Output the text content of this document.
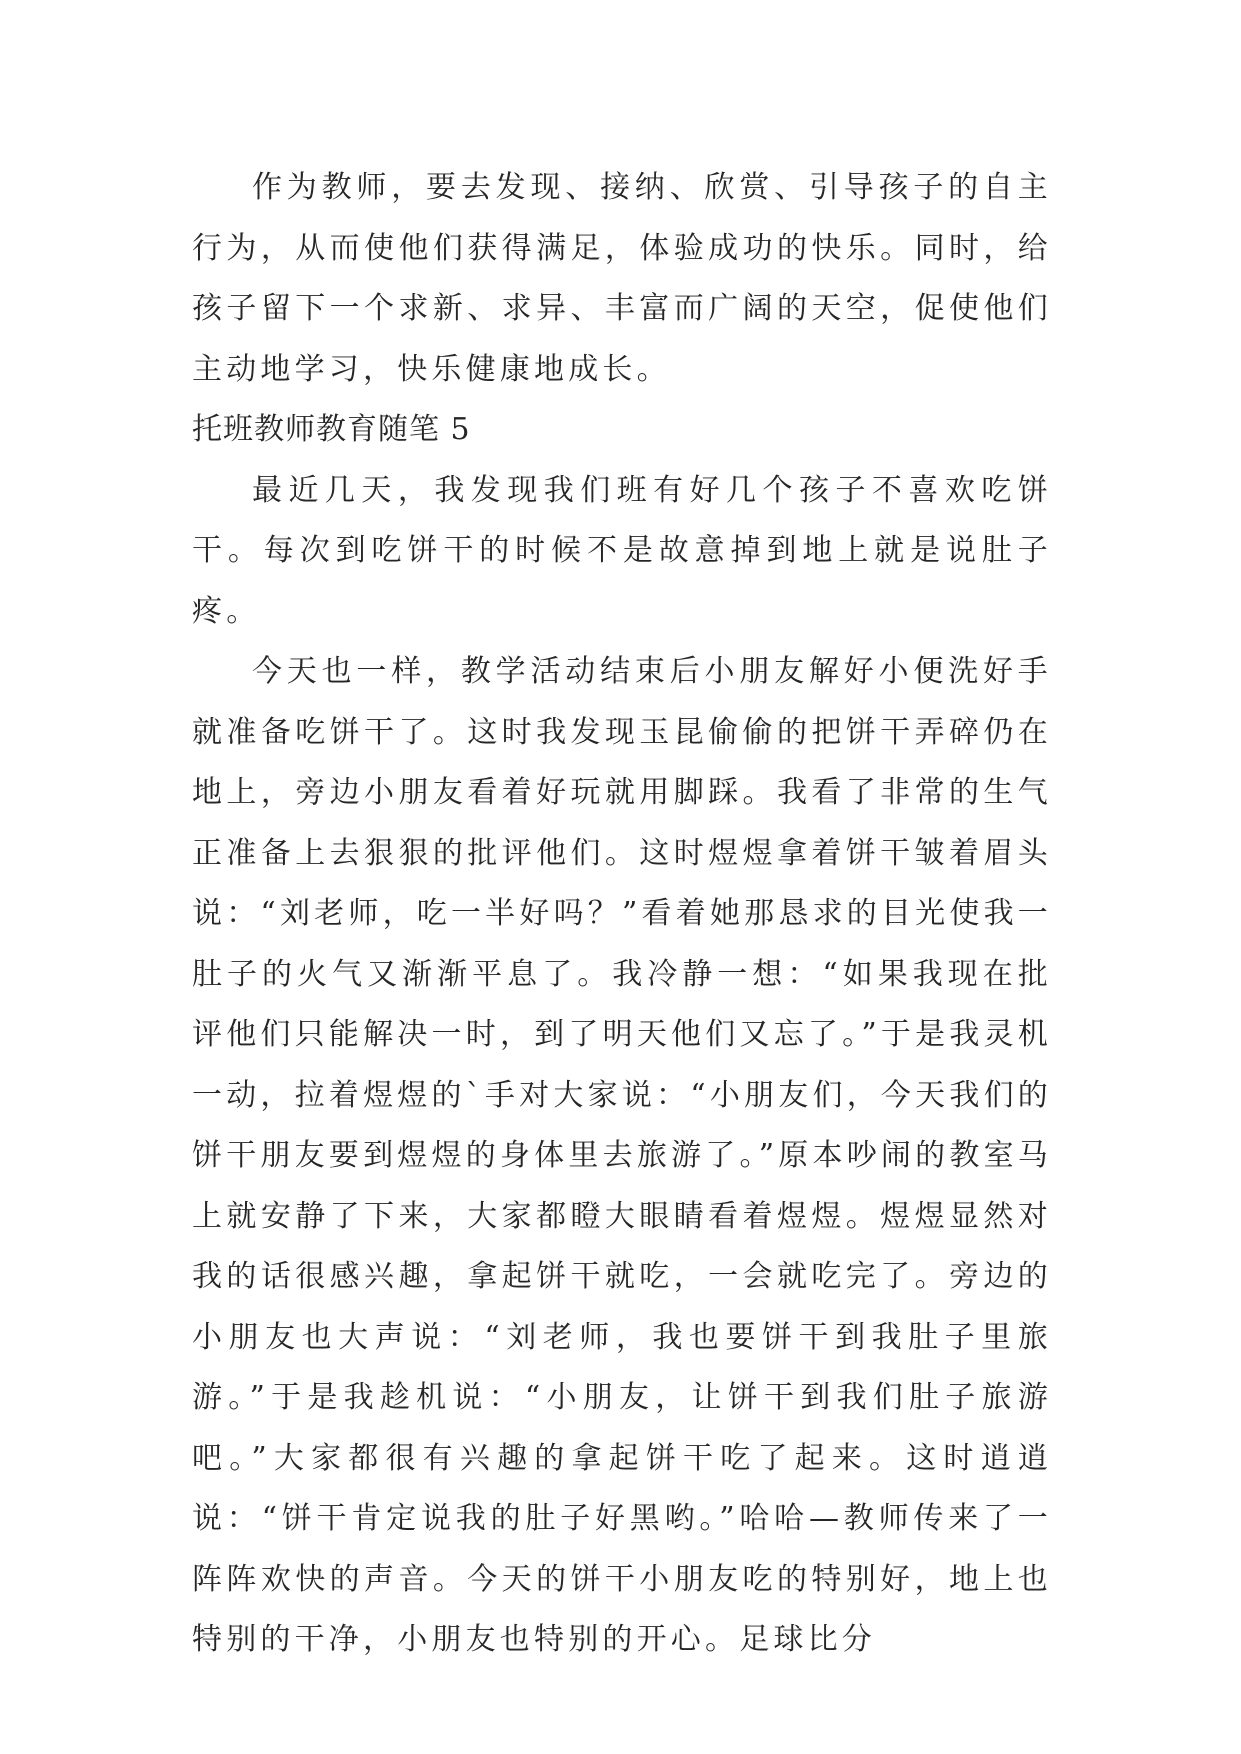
作为教师，要去发现、接纳、欣赏、引导孩子的自主行为，从而使他们获得满足，体验成功的快乐。同时，给孩子留下一个求新、求异、丰富而广阔的天空，促使他们主动地学习，快乐健康地成长。

托班教师教育随笔 5

最近几天，我发现我们班有好几个孩子不喜欢吃饼干。每次到吃饼干的时候不是故意掉到地上就是说肚子疼。

今天也一样，教学活动结束后小朋友解好小便洗好手就准备吃饼干了。这时我发现玉昆偷偷的把饼干弄碎仍在地上，旁边小朋友看着好玩就用脚踩。我看了非常的生气正准备上去狠狠的批评他们。这时煜煜拿着饼干皱着眉头说：“刘老师，吃一半好吗？”看着她那恳求的目光使我一肚子的火气又渐渐平息了。我冷静一想：“如果我现在批评他们只能解决一时，到了明天他们又忘了。”于是我灵机一动，拉着煜煜的`手对大家说：“小朋友们，今天我们的饼干朋友要到煜煜的身体里去旅游了。”原本吵闹的教室马上就安静了下来，大家都瞪大眼睛看着煜煜。煜煜显然对我的话很感兴趣，拿起饼干就吃，一会就吃完了。旁边的小朋友也大声说：“刘老师，我也要饼干到我肚子里旅游。”于是我趁机说：“小朋友，让饼干到我们肚子旅游吧。”大家都很有兴趣的拿起饼干吃了起来。这时逍逍说：“饼干肯定说我的肚子好黑哟。”哈哈—教师传来了一阵阵欢快的声音。今天的饼干小朋友吃的特别好，地上也特别的干净，小朋友也特别的开心。足球比分
